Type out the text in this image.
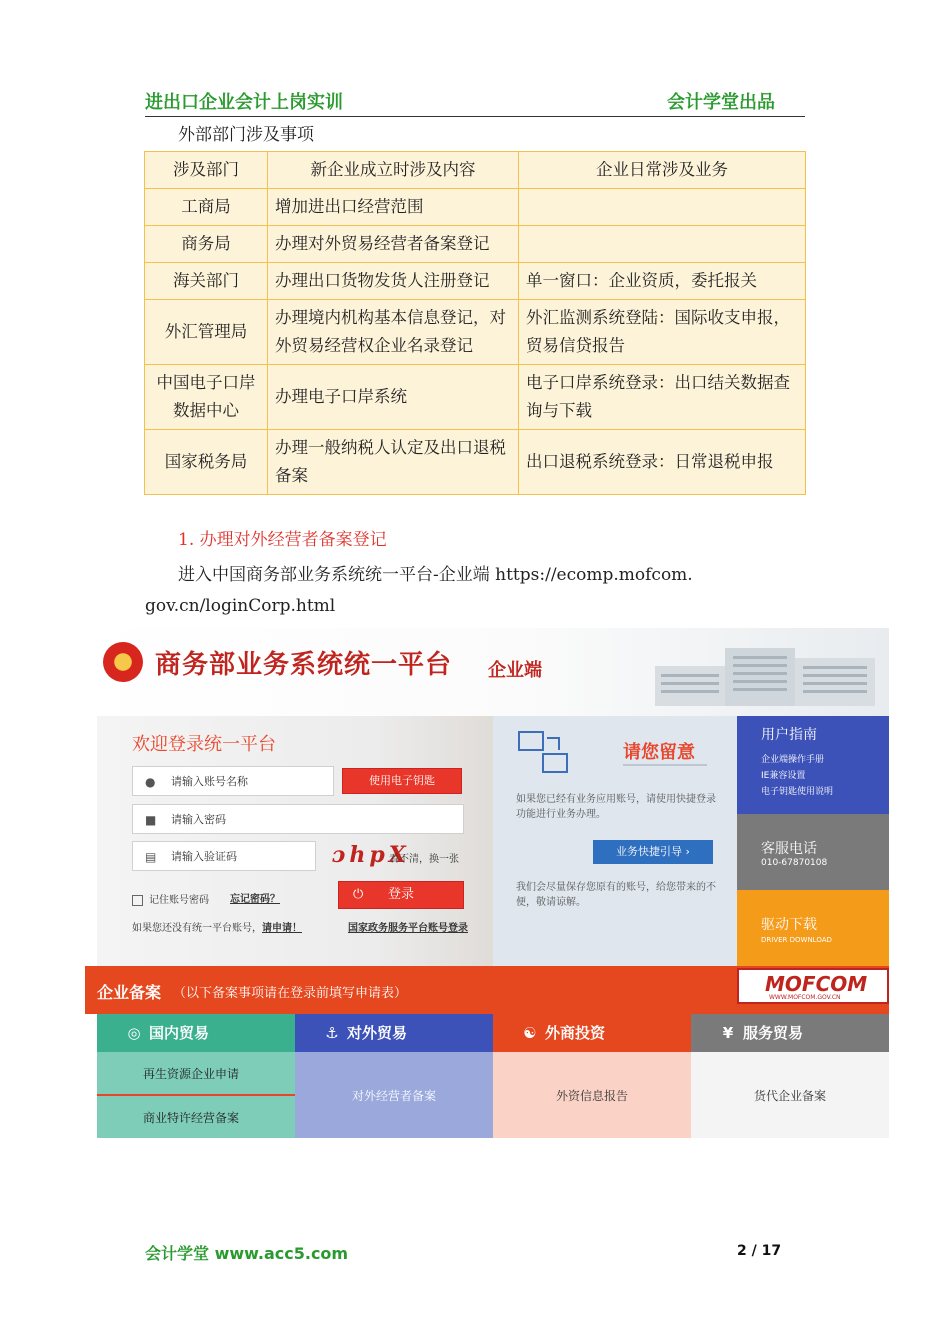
进出口企业会计上岗实训	会计学堂出品
外部部门涉及事项
涉及部门	新企业成立时涉及内容	企业日常涉及业务
工商局	增加进出口经营范围	
商务局	办理对外贸易经营者备案登记	
海关部门	办理出口货物发货人注册登记	单一窗口：企业资质，委托报关
外汇管理局	办理境内机构基本信息登记，对外贸易经营权企业名录登记	外汇监测系统登陆：国际收支申报，贸易信贷报告
中国电子口岸数据中心	办理电子口岸系统	电子口岸系统登录：出口结关数据查询与下载
国家税务局	办理一般纳税人认定及出口退税备案	出口退税系统登录：日常退税申报
1. 办理对外经营者备案登记
进入中国商务部业务系统统一平台-企业端 https://ecomp.mofcom.
gov.cn/loginCorp.html
商务部业务系统统一平台 企业端
欢迎登录统一平台
●	请输入账号名称	使用电子钥匙
■ 请输入密码
▤ 请输入验证码	ɔhpX
看不清，换一张
记住账号密码 忘记密码？	⏻ 登录
如果您还没有统一平台账号，请申请！	国家政务服务平台账号登录
请您留意
如果您已经有业务应用账号，请使用快捷登录功能进行业务办理。
业务快捷引导 ›
我们会尽量保存您原有的账号，给您带来的不便，敬请谅解。
用户指南
企业端操作手册
IE兼容设置
电子钥匙使用说明
客服电话
010-67870108
驱动下载
DRIVER DOWNLOAD
企业备案 （以下备案事项请在登录前填写申请表）	MOFCOM
WWW.MOFCOM.GOV.CN
◎ 国内贸易	⚓ 对外贸易	☯ 外商投资	¥ 服务贸易
再生资源企业申请
商业特许经营备案
对外经营者备案	外资信息报告	货代企业备案
会计学堂 www.acc5.com	2 / 17
